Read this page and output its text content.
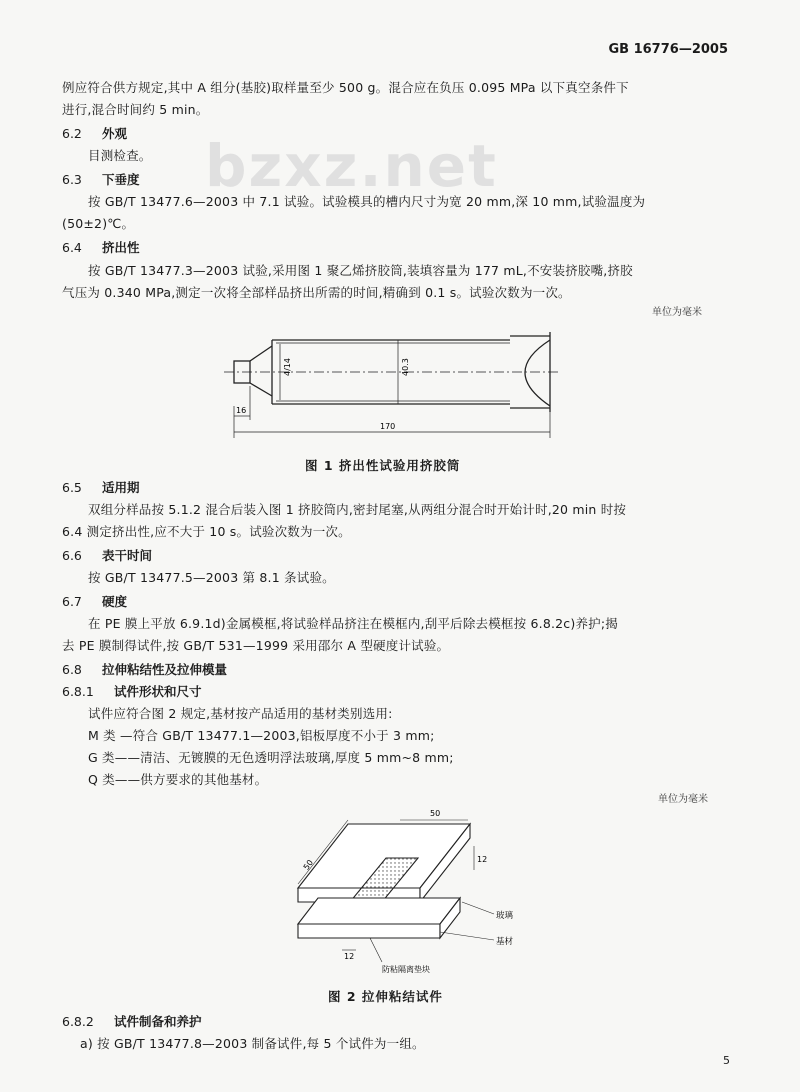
GB 16776—2005
bzxz.net
例应符合供方规定,其中 A 组分(基胶)取样量至少 500 g。混合应在负压 0.095 MPa 以下真空条件下
进行,混合时间约 5 min。
6.2 外观
目测检查。
6.3 下垂度
按 GB/T 13477.6—2003 中 7.1 试验。试验模具的槽内尺寸为宽 20 mm,深 10 mm,试验温度为
(50±2)℃。
6.4 挤出性
按 GB/T 13477.3—2003 试验,采用图 1 聚乙烯挤胶筒,装填容量为 177 mL,不安装挤胶嘴,挤胶
气压为 0.340 MPa,测定一次将全部样品挤出所需的时间,精确到 0.1 s。试验次数为一次。
单位为毫米
4/14	40.3
16
170
图 1 挤出性试验用挤胶筒
6.5 适用期
双组分样品按 5.1.2 混合后装入图 1 挤胶筒内,密封尾塞,从两组分混合时开始计时,20 min 时按
6.4 测定挤出性,应不大于 10 s。试验次数为一次。
6.6 表干时间
按 GB/T 13477.5—2003 第 8.1 条试验。
6.7 硬度
在 PE 膜上平放 6.9.1d)金属模框,将试验样品挤注在模框内,刮平后除去模框按 6.8.2c)养护;揭
去 PE 膜制得试件,按 GB/T 531—1999 采用邵尔 A 型硬度计试验。
6.8 拉伸粘结性及拉伸模量
6.8.1 试件形状和尺寸
试件应符合图 2 规定,基材按产品适用的基材类别选用:
M 类 —符合 GB/T 13477.1—2003,铝板厚度不小于 3 mm;
G 类——清洁、无镀膜的无色透明浮法玻璃,厚度 5 mm~8 mm;
Q 类——供方要求的其他基材。
单位为毫米
50
50	12
12
玻璃
基材
防粘隔离垫块
图 2 拉伸粘结试件
6.8.2 试件制备和养护
a) 按 GB/T 13477.8—2003 制备试件,每 5 个试件为一组。
5
